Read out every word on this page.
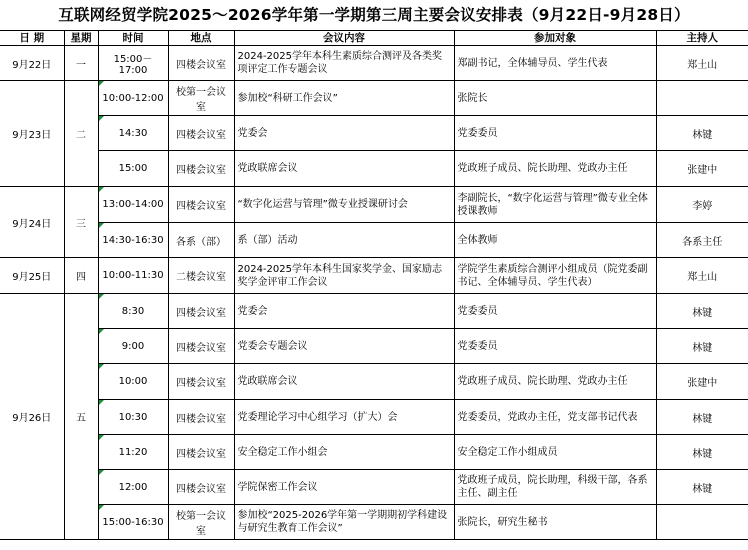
互联网经贸学院2025～2026学年第一学期第三周主要会议安排表（9月22日-9月28日）
日 期	星期	时间	地点	会议内容	参加对象	主持人
9月22日	一	15:00－17:00	四楼会议室	2024-2025学年本科生素质综合测评及各类奖项评定工作专题会议	郑副书记，全体辅导员、学生代表	郑土山
9月23日	二	10:00-12:00	校第一会议室	参加校“科研工作会议”	张院长	
		14:30	四楼会议室	党委会	党委委员	林键
		15:00	四楼会议室	党政联席会议	党政班子成员、院长助理、党政办主任	张建中
9月24日	三	13:00-14:00	四楼会议室	“数字化运营与管理”微专业授课研讨会	李副院长，“数字化运营与管理”微专业全体授课教师	李婷
		14:30-16:30	各系（部）	系（部）活动	全体教师	各系主任
9月25日	四	10:00-11:30	二楼会议室	2024-2025学年本科生国家奖学金、国家励志奖学金评审工作会议	学院学生素质综合测评小组成员（院党委副书记、全体辅导员、学生代表）	郑土山
9月26日	五	8:30	四楼会议室	党委会	党委委员	林键
		9:00	四楼会议室	党委会专题会议	党委委员	林键
		10:00	四楼会议室	党政联席会议	党政班子成员、院长助理、党政办主任	张建中
		10:30	四楼会议室	党委理论学习中心组学习（扩大）会	党委委员，党政办主任，党支部书记代表	林键
		11:20	四楼会议室	安全稳定工作小组会	安全稳定工作小组成员	林键
		12:00	四楼会议室	学院保密工作会议	党政班子成员，院长助理，科级干部，各系主任、副主任	林键
		15:00-16:30	校第一会议室	参加校“2025-2026学年第一学期期初学科建设与研究生教育工作会议”	张院长，研究生秘书	
